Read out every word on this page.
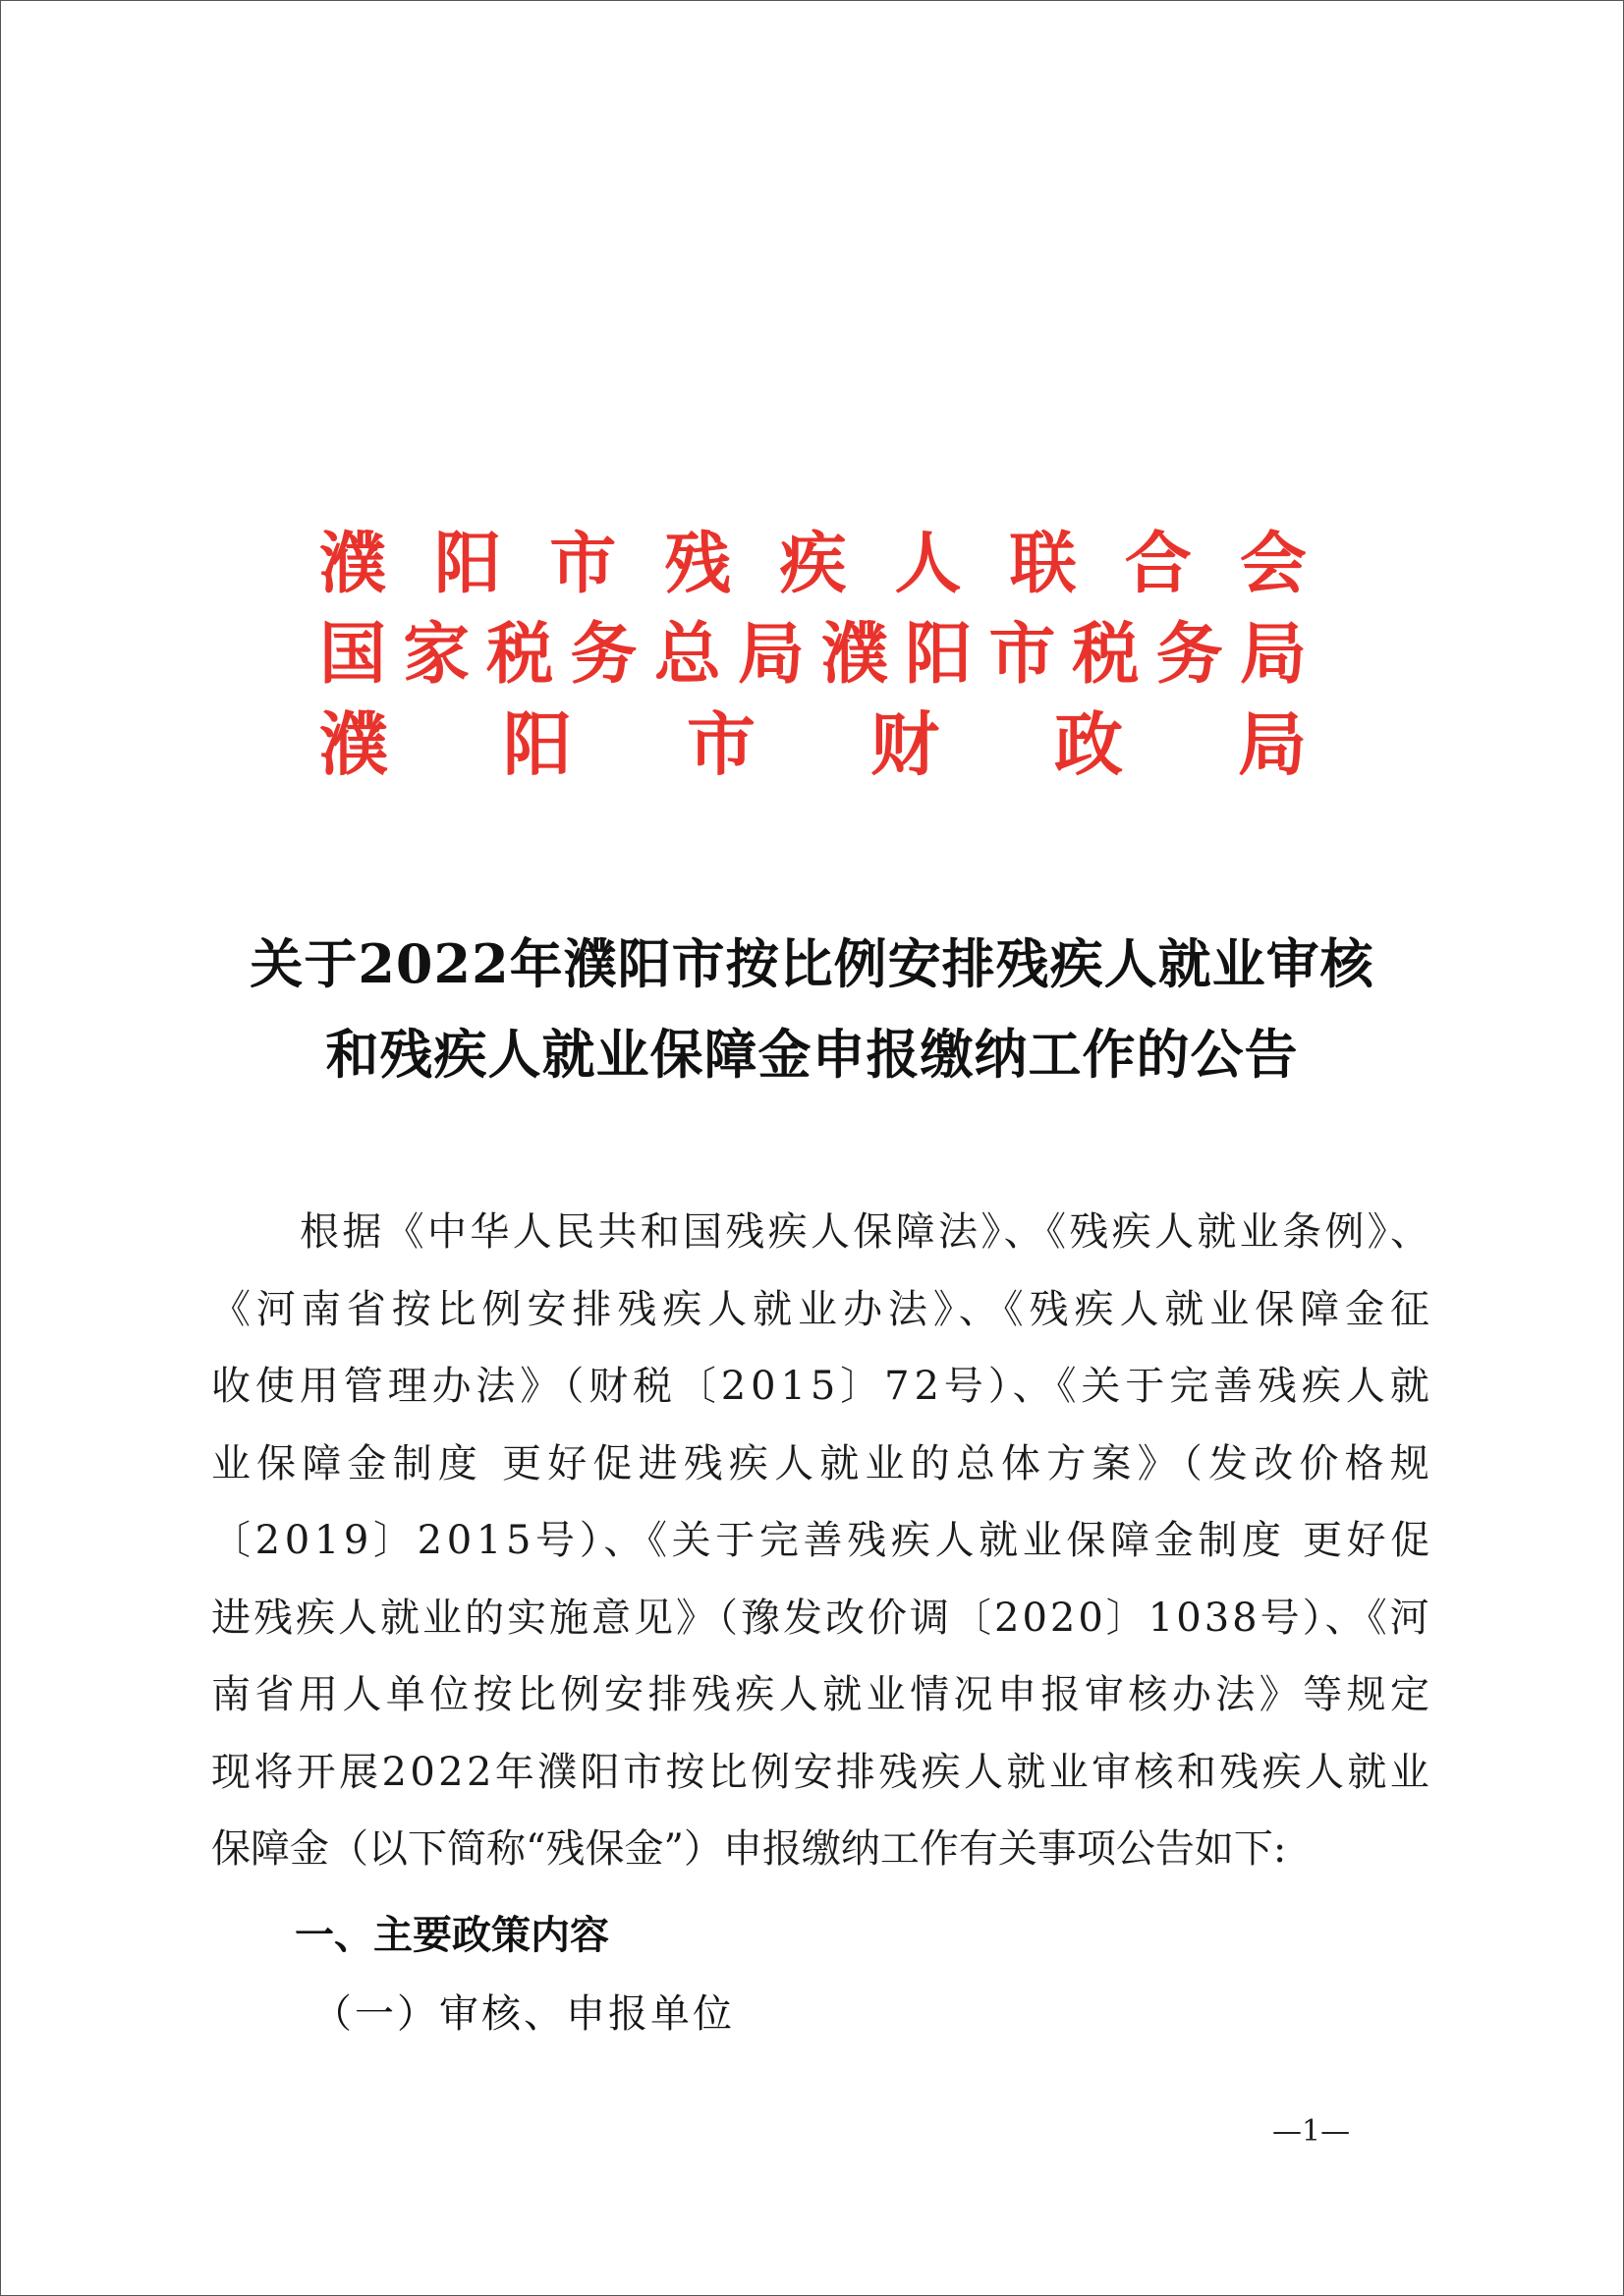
濮 阳 市 残 疾 人 联 合 会
国 家 税 务 总 局 濮 阳 市 税 务 局
濮 阳 市 财 政 局
关于2022年濮阳市按比例安排残疾人就业审核
和残疾人就业保障金申报缴纳工作的公告
根据《中华人民共和国残疾人保障法》、《残疾人就业条例》、
《河南省按比例安排残疾人就业办法》、《残疾人就业保障金征
收使用管理办法》（财税〔2015〕72号）、《关于完善残疾人就
业保障金制度 更好促进残疾人就业的总体方案》（发改价格规
〔2019〕2015号）、《关于完善残疾人就业保障金制度 更好促
进残疾人就业的实施意见》（豫发改价调〔2020〕1038号）、《河
南省用人单位按比例安排残疾人就业情况申报审核办法》等规定
现将开展2022年濮阳市按比例安排残疾人就业审核和残疾人就业
保障金（以下简称“残保金”）申报缴纳工作有关事项公告如下:
一、主要政策内容
（一）审核、申报单位
—1—
